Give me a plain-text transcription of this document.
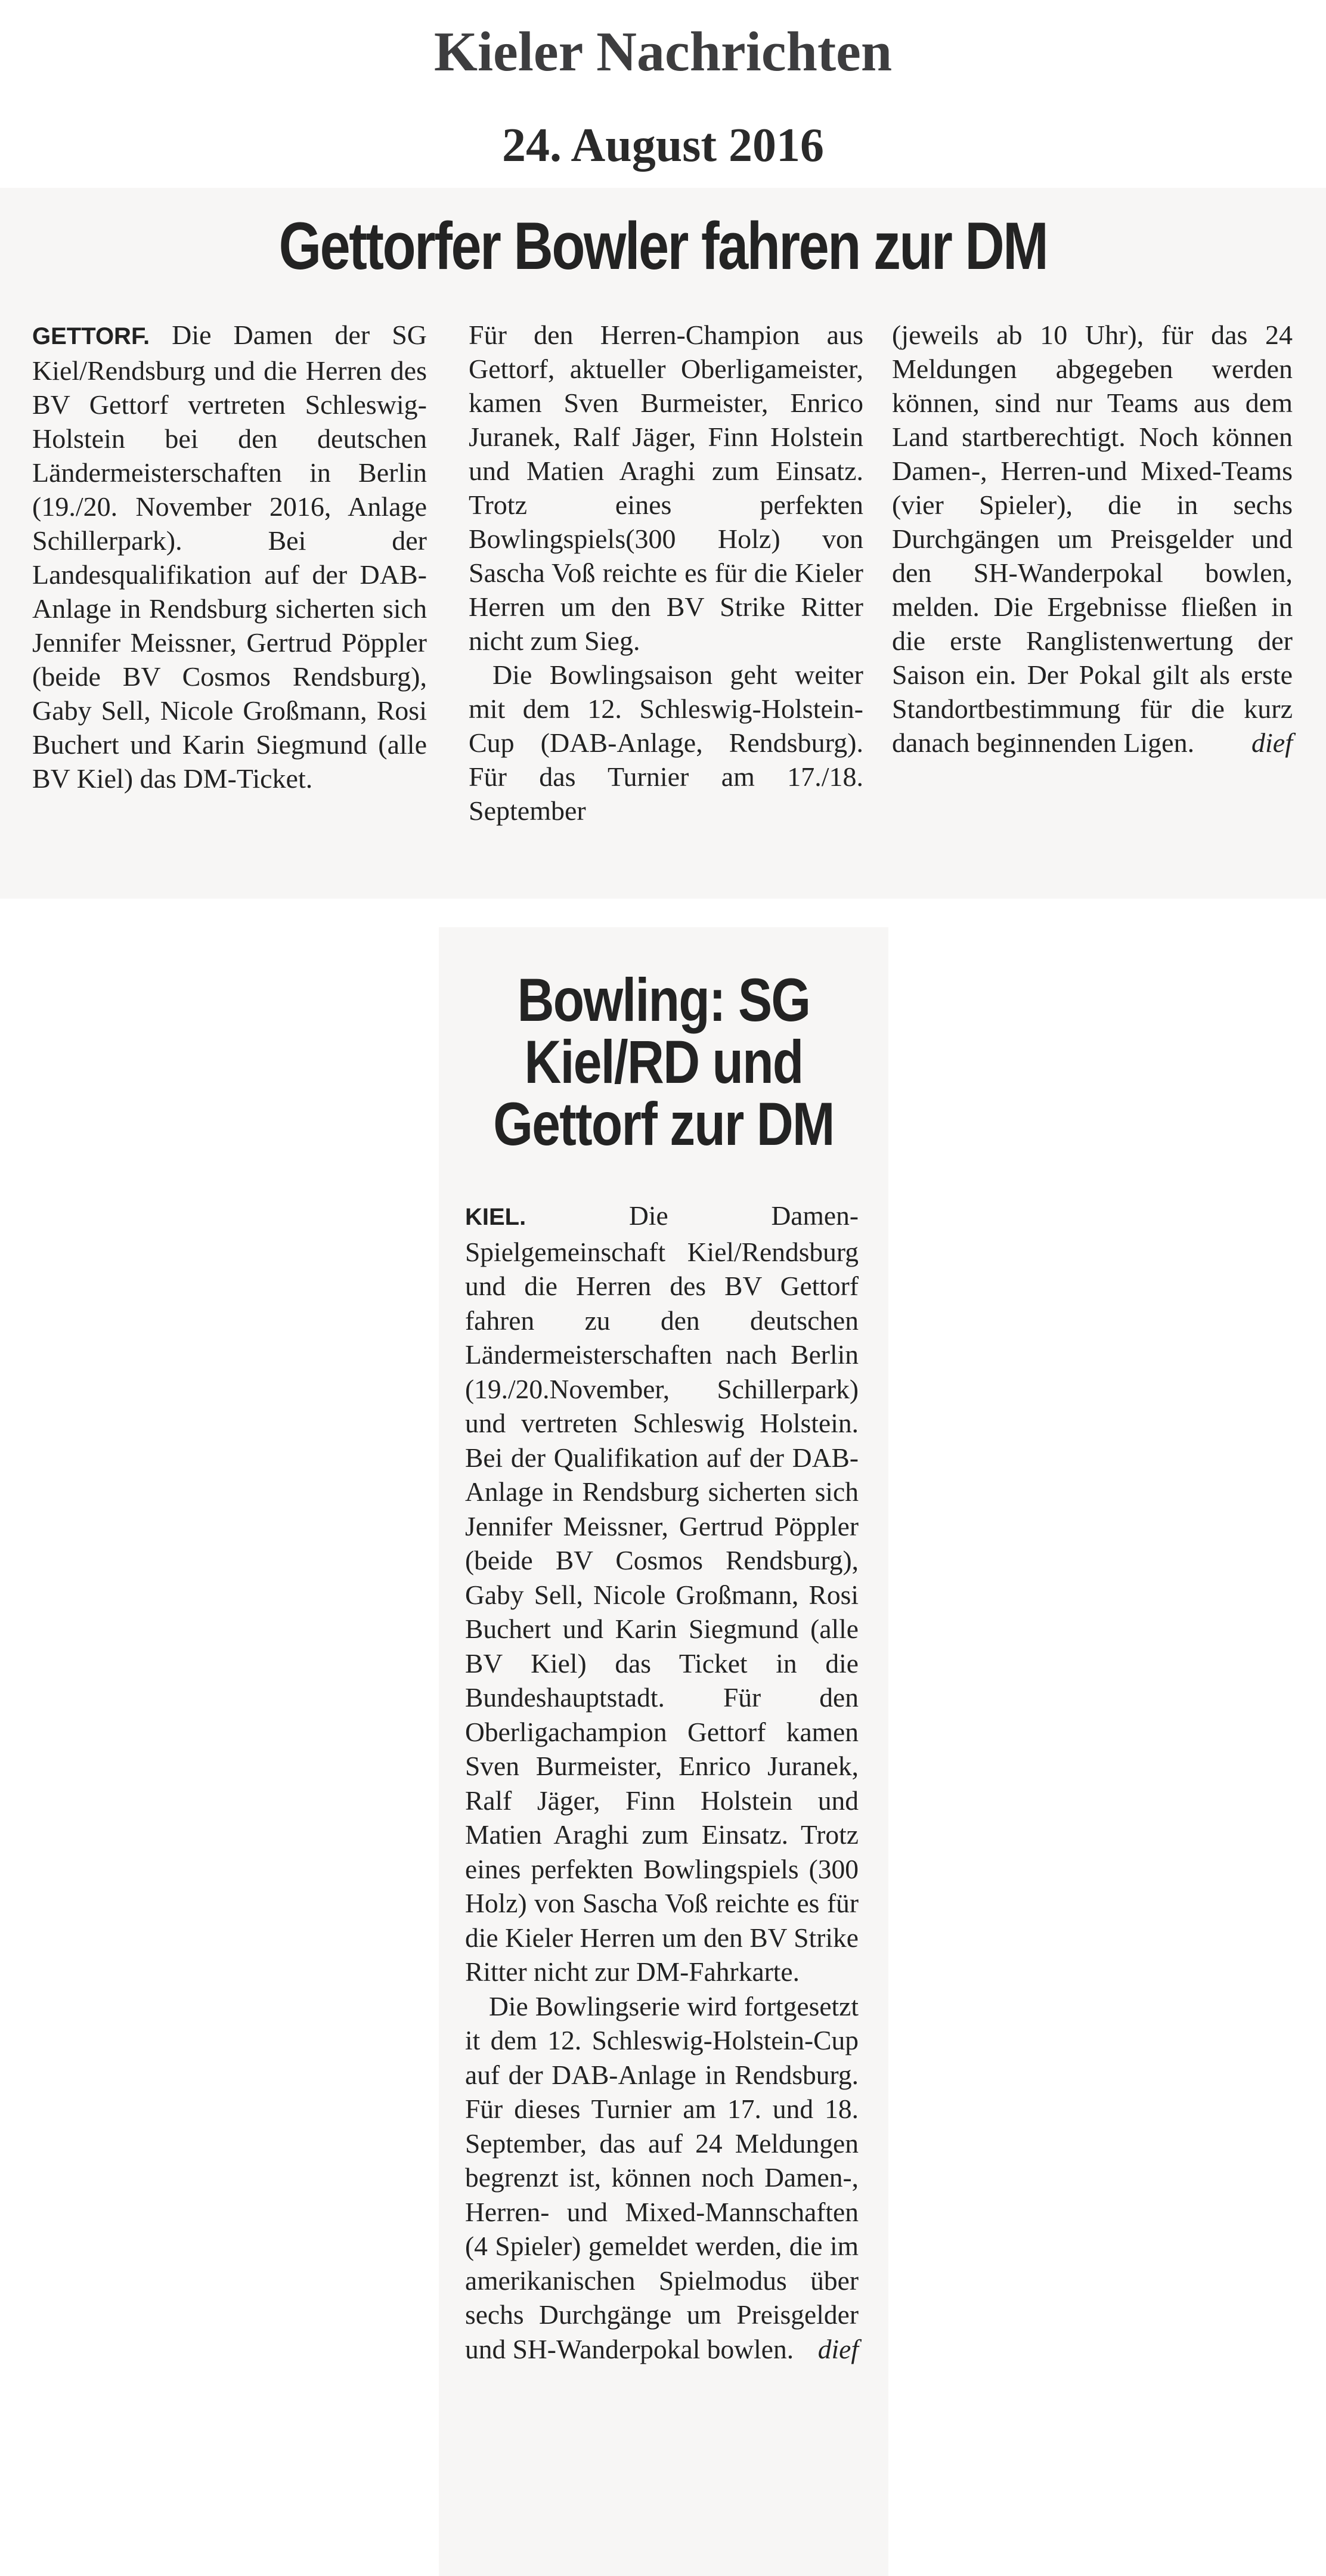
Kieler Nachrichten
24. August 2016
Gettorfer Bowler fahren zur DM

GETTORF. Die Damen der SG Kiel/Rendsburg und die Herren des BV Gettorf vertreten Schleswig-Holstein bei den deutschen Ländermeisterschaften in Berlin (19./20. November 2016, Anlage Schillerpark). Bei der Landesqualifikation auf der DAB-Anlage in Rendsburg sicherten sich Jennifer Meissner, Gertrud Pöppler (beide BV Cosmos Rendsburg), Gaby Sell, Nicole Großmann, Rosi Buchert und Karin Siegmund (alle BV Kiel) das DM-Ticket.

Für den Herren-Champion aus Gettorf, aktueller Oberligameister, kamen Sven Burmeister, Enrico Juranek, Ralf Jäger, Finn Holstein und Matien Araghi zum Einsatz. Trotz eines perfekten Bowlingspiels(300 Holz) von Sascha Voß reichte es für die Kieler Herren um den BV Strike Ritter nicht zum Sieg.

Die Bowlingsaison geht weiter mit dem 12. Schleswig-Holstein-Cup (DAB-Anlage, Rendsburg). Für das Turnier am 17./18. September

(jeweils ab 10 Uhr), für das 24 Meldungen abgegeben werden können, sind nur Teams aus dem Land startberechtigt. Noch können Damen-, Herren-und Mixed-Teams (vier Spieler), die in sechs Durchgängen um Preisgelder und den SH-Wanderpokal bowlen, melden. Die Ergebnisse fließen in die erste Ranglistenwertung der Saison ein. Der Pokal gilt als erste Standortbestimmung für die kurz danach beginnenden Ligen. dief

Bowling: SG
Kiel/RD und
Gettorf zur DM

KIEL.	Die Damen-Spielgemeinschaft Kiel/Rendsburg und die Herren des BV Gettorf fahren zu den deutschen Ländermeisterschaften nach Berlin (19./20.November, Schillerpark) und vertreten Schleswig Holstein. Bei der Qualifikation auf der DAB-Anlage in Rendsburg sicherten sich Jennifer Meissner, Gertrud Pöppler (beide BV Cosmos Rendsburg), Gaby Sell, Nicole Großmann, Rosi Buchert und Karin Siegmund (alle BV Kiel) das Ticket in die Bundeshauptstadt. Für den Oberligachampion Gettorf kamen Sven Burmeister, Enrico Juranek, Ralf Jäger, Finn Holstein und Matien Araghi zum Einsatz. Trotz eines perfekten Bowlingspiels (300 Holz) von Sascha Voß reichte es für die Kieler Herren um den BV Strike Ritter nicht zur DM-Fahrkarte.

Die Bowlingserie wird fortgesetzt it dem 12. Schleswig-Holstein-Cup auf der DAB-Anlage in Rendsburg. Für dieses Turnier am 17. und 18. September, das auf 24 Meldungen begrenzt ist, können noch Damen-, Herren- und Mixed-Mannschaften (4 Spieler) gemeldet werden, die im amerikanischen Spielmodus über sechs Durchgänge um Preisgelder und SH-Wanderpokal bowlen. dief
